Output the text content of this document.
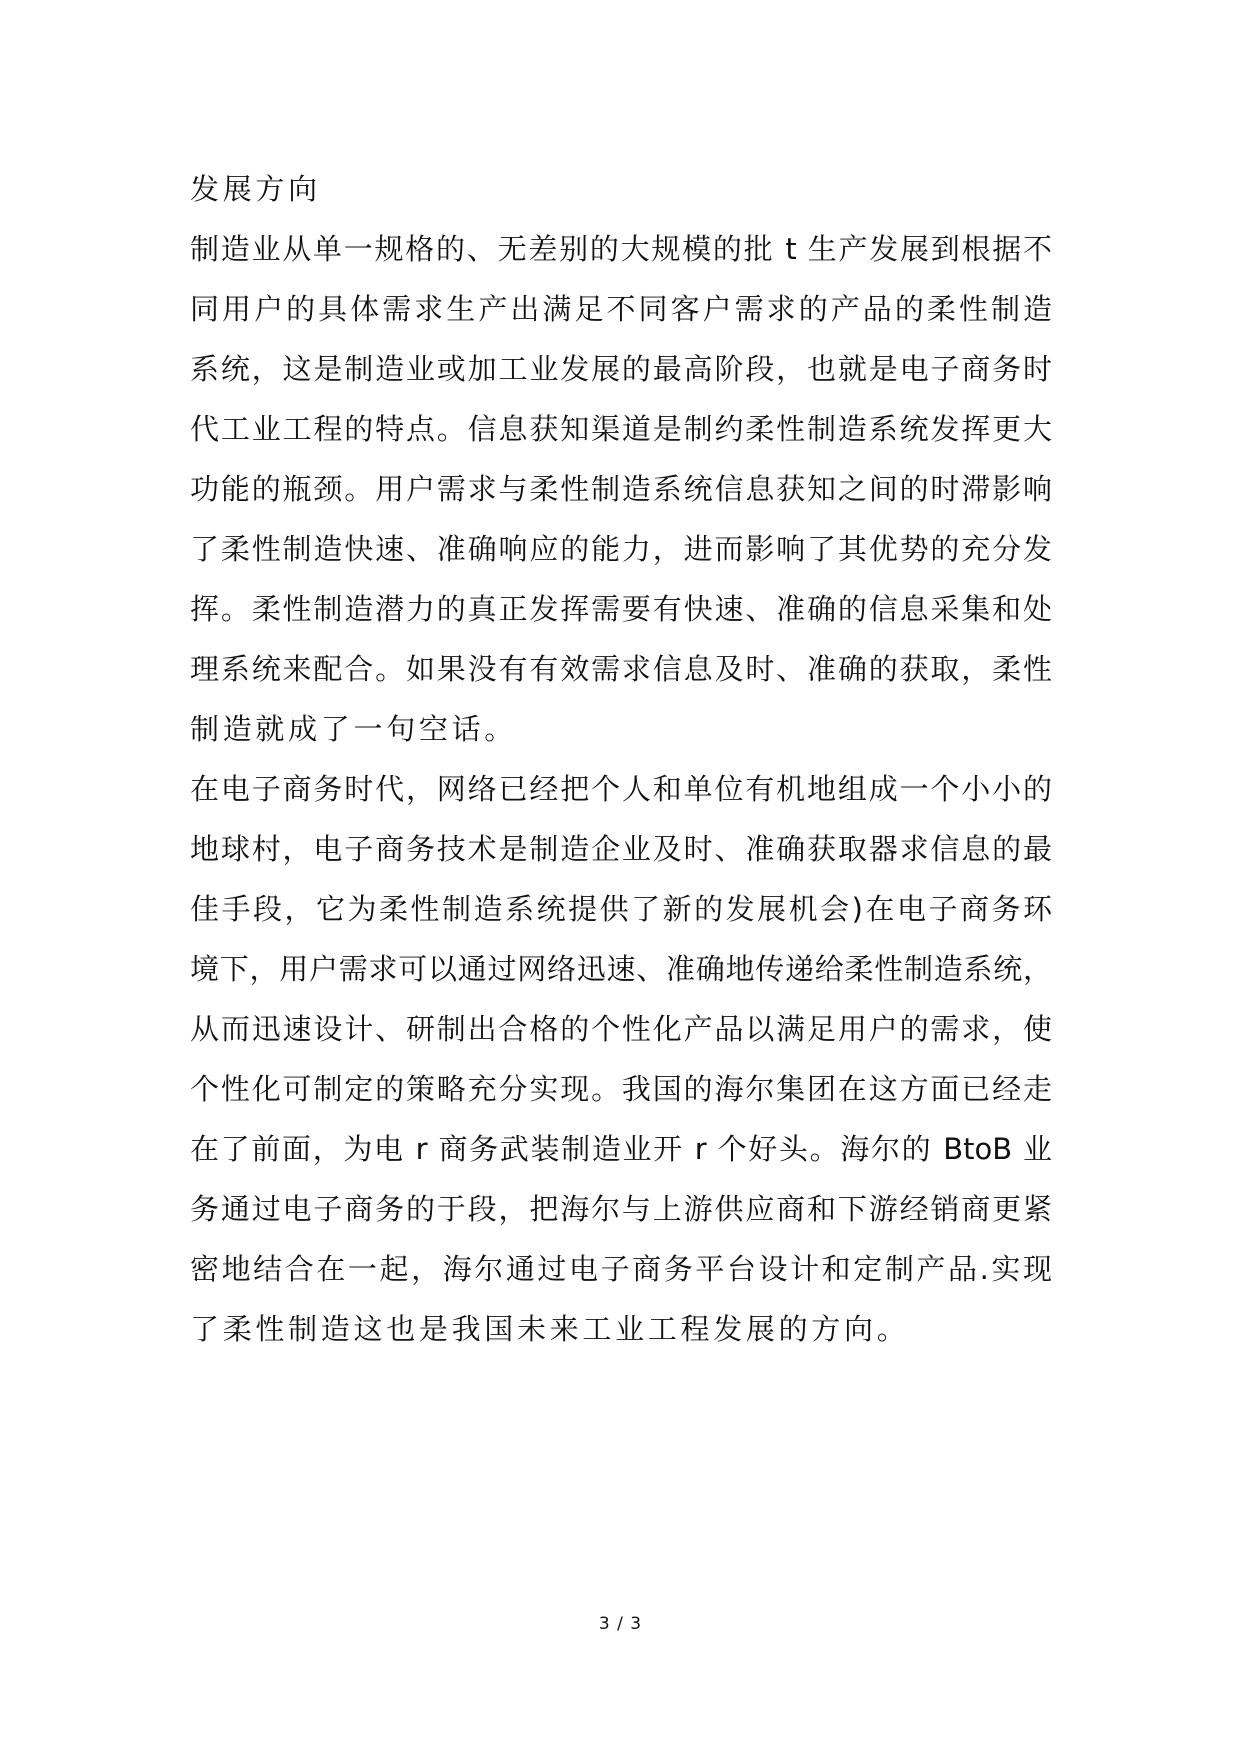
发展方向

制造业从单一规格的、无差别的大规模的批 t 生产发展到根据不

同用户的具体需求生产出满足不同客户需求的产品的柔性制造

系统，这是制造业或加工业发展的最高阶段，也就是电子商务时

代工业工程的特点。信息获知渠道是制约柔性制造系统发挥更大

功能的瓶颈。用户需求与柔性制造系统信息获知之间的时滞影响

了柔性制造快速、准确响应的能力，进而影响了其优势的充分发

挥。柔性制造潜力的真正发挥需要有快速、准确的信息采集和处

理系统来配合。如果没有有效需求信息及时、准确的获取，柔性

制造就成了一句空话。

在电子商务时代，网络已经把个人和单位有机地组成一个小小的

地球村，电子商务技术是制造企业及时、准确获取器求信息的最

佳手段，它为柔性制造系统提供了新的发展机会)在电子商务环

境下，用户需求可以通过网络迅速、准确地传递给柔性制造系统，

从而迅速设计、研制出合格的个性化产品以满足用户的需求，使

个性化可制定的策略充分实现。我国的海尔集团在这方面已经走

在了前面，为电 r 商务武装制造业开 r 个好头。海尔的 BtoB 业

务通过电子商务的于段，把海尔与上游供应商和下游经销商更紧

密地结合在一起，海尔通过电子商务平台设计和定制产品.实现

了柔性制造这也是我国未来工业工程发展的方向。

3 / 3
